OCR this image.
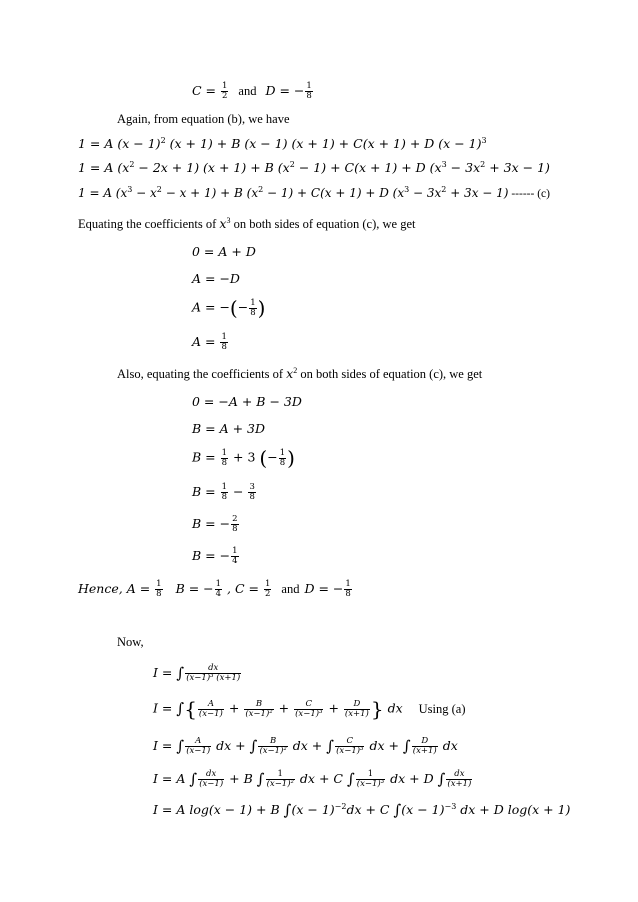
$C = \frac{1}{2}$ and D = − $\frac{1}{8}$
Again, from equation (b), we have
1 = A $(x - 1)^2$ (x + 1) + B (x − 1) (x + 1) + C(x + 1) + D $(x - 1)^3$
1 = A $(x^2 - 2x + 1) (x + 1) + B$ $(x^2 - 1) + C(x + 1) + D$ $(x^3 - 3x^2 + 3x - 1)$
1 = A $(x^3 - x^2 - x + 1) + B$ $(x^2 - 1) + C(x + 1) + D$ $(x^3 - 3x^2 + 3x - 1)$ ------ (c)
Equating the coefficients of $x^3$ on both sides of equation (c), we get
0 = A + D
A = −D
A = −(− $\frac{1}{8}$ )
$A = \frac{1}{8}$
Also, equating the coefficients of $x^2$ on both sides of equation (c), we get
0 = −A + B − 3D
B = A + 3D
$B = \frac{1}{8} + 3$ (− $\frac{1}{8}$ )
$B = \frac{1}{8} - \frac{3}{8}$
B = − $\frac{2}{8}$
B = − $\frac{1}{4}$
Hence, $A = \frac{1}{8}$ B = − $\frac{1}{4}$ , $C = \frac{1}{2}$ and D = − $\frac{1}{8}$
Now,
I = ∫ $\frac{dx}{\text{(x−1)³ (x+1)}}$
I = ∫{ $\frac{A}{(x-1)} + \frac{B}{\text{(x−1)²}} + \frac{C}{\text{(x−1)³}} + \frac{D}{(x+1)}$ } dx Using (a)
I = ∫ $\frac{A}{(x-1)}$ dx + ∫ $\frac{B}{\text{(x−1)²}}$ dx + ∫ $\frac{C}{\text{(x−1)³}}$ dx + ∫ $\frac{D}{(x+1)}$ dx
I = A ∫ $\frac{dx}{(x-1)} + B$ ∫ $\frac{1}{\text{(x−1)²}}$ dx + C ∫ $\frac{1}{\text{(x−1)³}}$ dx + D ∫ $\frac{dx}{(x+1)}$
I = A log(x − 1) + B $\int(x - 1)^{-2}dx + C$ $\int(x - 1)^{-3}$ dx + D log(x + 1)
